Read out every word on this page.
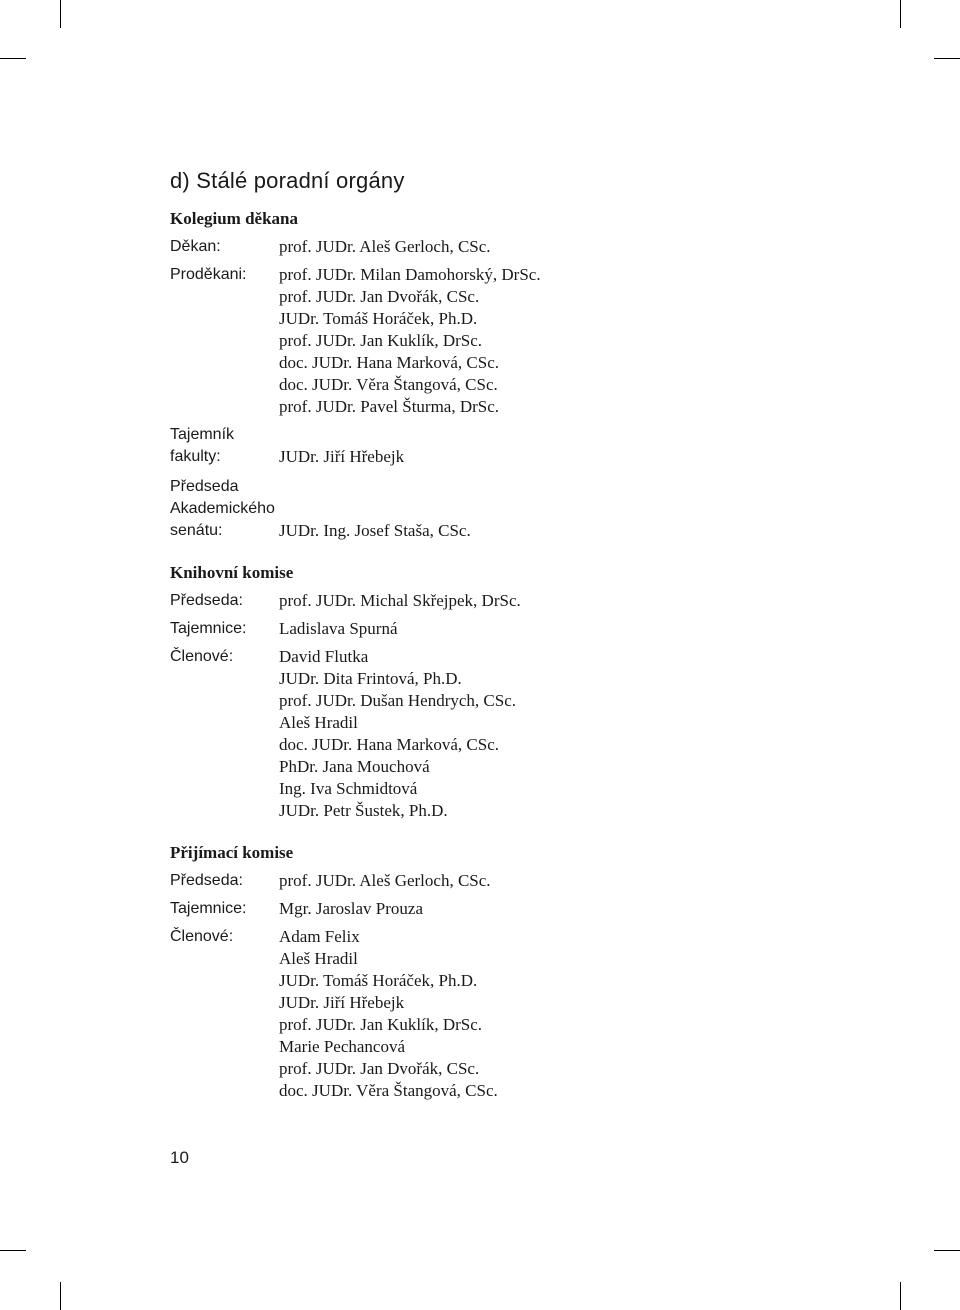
d) Stálé poradní orgány
Kolegium děkana
Děkan:	prof. JUDr. Aleš Gerloch, CSc.
Proděkani:	prof. JUDr. Milan Damohorský, DrSc.
prof. JUDr. Jan Dvořák, CSc.
JUDr. Tomáš Horáček, Ph.D.
prof. JUDr. Jan Kuklík, DrSc.
doc. JUDr. Hana Marková, CSc.
doc. JUDr. Věra Štangová, CSc.
prof. JUDr. Pavel Šturma, DrSc.
Tajemník
fakulty:	JUDr. Jiří Hřebejk
Předseda
Akademického
senátu:	JUDr. Ing. Josef Staša, CSc.
Knihovní komise
Předseda:	prof. JUDr. Michal Skřejpek, DrSc.
Tajemnice:	Ladislava Spurná
Členové:	David Flutka
JUDr. Dita Frintová, Ph.D.
prof. JUDr. Dušan Hendrych, CSc.
Aleš Hradil
doc. JUDr. Hana Marková, CSc.
PhDr. Jana Mouchová
Ing. Iva Schmidtová
JUDr. Petr Šustek, Ph.D.
Přijímací komise
Předseda:	prof. JUDr. Aleš Gerloch, CSc.
Tajemnice:	Mgr. Jaroslav Prouza
Členové:	Adam Felix
Aleš Hradil
JUDr. Tomáš Horáček, Ph.D.
JUDr. Jiří Hřebejk
prof. JUDr. Jan Kuklík, DrSc.
Marie Pechancová
prof. JUDr. Jan Dvořák, CSc.
doc. JUDr. Věra Štangová, CSc.
10
